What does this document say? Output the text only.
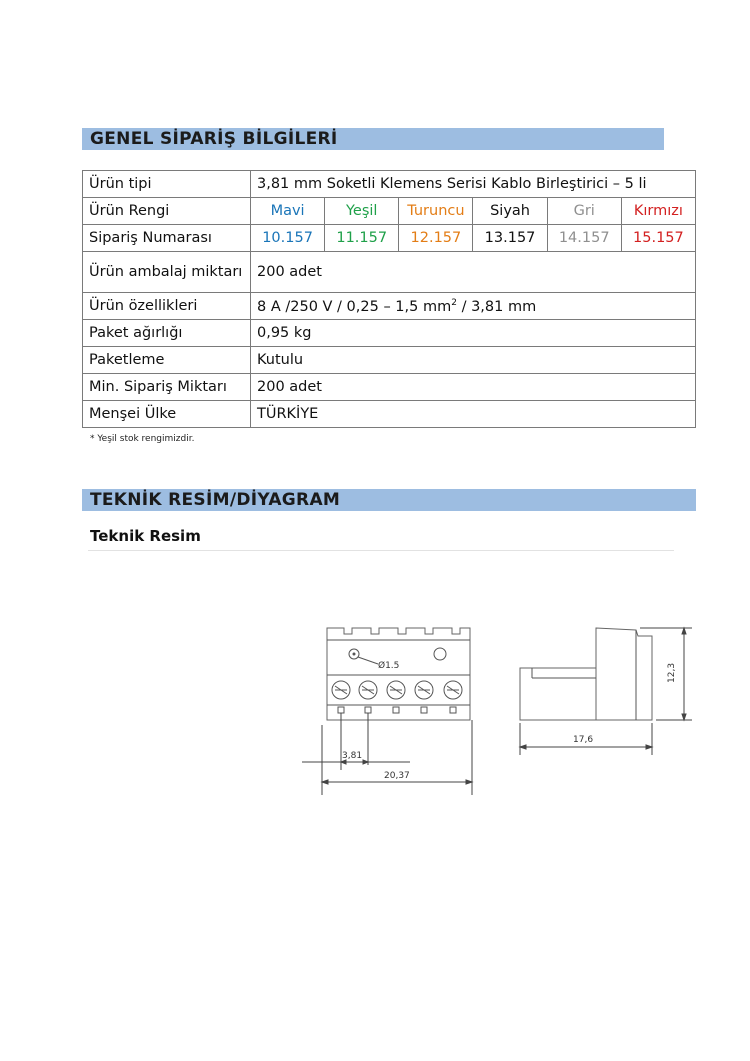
GENEL SİPARİŞ BİLGİLERİ
Ürün tipi	3,81 mm Soketli Klemens Serisi Kablo Birleştirici – 5 li					
Ürün Rengi	Mavi	Yeşil	Turuncu	Siyah	Gri	Kırmızı
Sipariş Numarası	10.157	11.157	12.157	13.157	14.157	15.157
Ürün ambalaj miktarı	200 adet					
Ürün özellikleri	8 A /250 V / 0,25 – 1,5 $mm^2 / 3,81$ mm					
Paket ağırlığı	0,95 kg					
Paketleme	Kutulu					
Min. Sipariş Miktarı	200 adet					
Menşei Ülke	TÜRKİYE					
* Yeşil stok rengimizdir.
TEKNİK RESİM/DİYAGRAM
Teknik Resim
Ø1.5
3,81
20,37
17,6
12,3
